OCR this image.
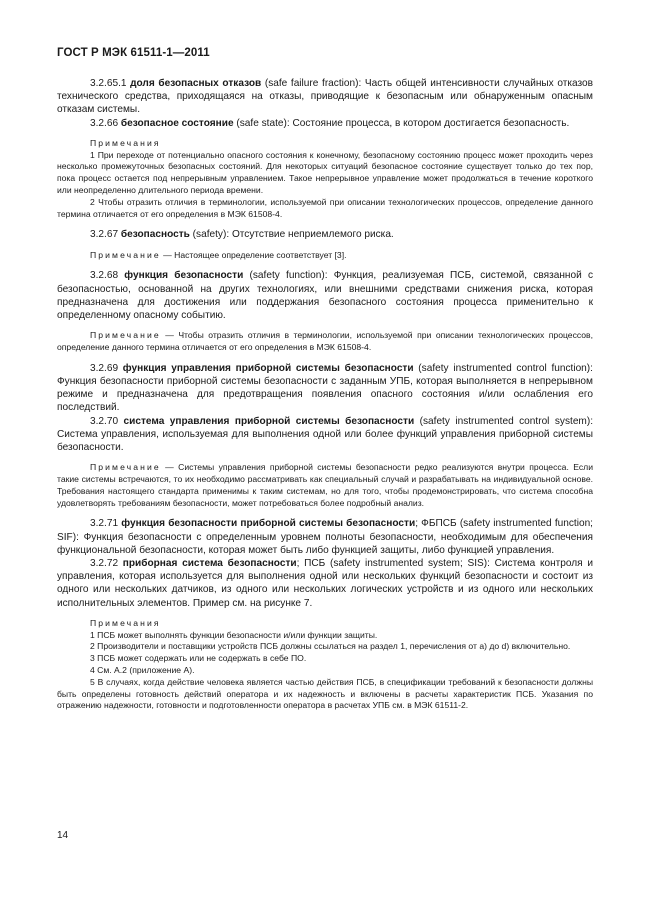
ГОСТ Р МЭК 61511-1—2011

3.2.65.1 доля безопасных отказов (safe failure fraction): Часть общей интенсивности случайных отказов технического средства, приходящаяся на отказы, приводящие к безопасным или обнаруженным опасным отказам системы.

3.2.66 безопасное состояние (safe state): Состояние процесса, в котором достигается безопасность.

Примечания

1 При переходе от потенциально опасного состояния к конечному, безопасному состоянию процесс может проходить через несколько промежуточных безопасных состояний. Для некоторых ситуаций безопасное состояние существует только до тех пор, пока процесс остается под непрерывным управлением. Такое непрерывное управление может продолжаться в течение короткого или неопределенно длительного периода времени.

2 Чтобы отразить отличия в терминологии, используемой при описании технологических процессов, определение данного термина отличается от его определения в МЭК 61508-4.

3.2.67 безопасность (safety): Отсутствие неприемлемого риска.

Примечание — Настоящее определение соответствует [3].

3.2.68 функция безопасности (safety function): Функция, реализуемая ПСБ, системой, связанной с безопасностью, основанной на других технологиях, или внешними средствами снижения риска, которая предназначена для достижения или поддержания безопасного состояния процесса применительно к определенному опасному событию.

Примечание — Чтобы отразить отличия в терминологии, используемой при описании технологических процессов, определение данного термина отличается от его определения в МЭК 61508-4.

3.2.69 функция управления приборной системы безопасности (safety instrumented control function): Функция безопасности приборной системы безопасности с заданным УПБ, которая выполняется в непрерывном режиме и предназначена для предотвращения появления опасного состояния и/или ослабления его последствий.

3.2.70 система управления приборной системы безопасности (safety instrumented control system): Система управления, используемая для выполнения одной или более функций управления приборной системы безопасности.

Примечание — Системы управления приборной системы безопасности редко реализуются внутри процесса. Если такие системы встречаются, то их необходимо рассматривать как специальный случай и разрабатывать на индивидуальной основе. Требования настоящего стандарта применимы к таким системам, но для того, чтобы продемонстрировать, что система способна удовлетворять требованиям безопасности, может потребоваться более подробный анализ.

3.2.71 функция безопасности приборной системы безопасности; ФБПСБ (safety instrumented function; SIF): Функция безопасности с определенным уровнем полноты безопасности, необходимым для обеспечения функциональной безопасности, которая может быть либо функцией защиты, либо функцией управления.

3.2.72 приборная система безопасности; ПСБ (safety instrumented system; SIS): Система контроля и управления, которая используется для выполнения одной или нескольких функций безопасности и состоит из одного или нескольких датчиков, из одного или нескольких логических устройств и из одного или нескольких исполнительных элементов. Пример см. на рисунке 7.

Примечания

1 ПСБ может выполнять функции безопасности и/или функции защиты.

2 Производители и поставщики устройств ПСБ должны ссылаться на раздел 1, перечисления от а) до d) включительно.

3 ПСБ может содержать или не содержать в себе ПО.

4 См. А.2 (приложение А).

5 В случаях, когда действие человека является частью действия ПСБ, в спецификации требований к безопасности должны быть определены готовность действий оператора и их надежность и включены в расчеты характеристик ПСБ. Указания по отражению надежности, готовности и подготовленности оператора в расчетах УПБ см. в МЭК 61511-2.

14
